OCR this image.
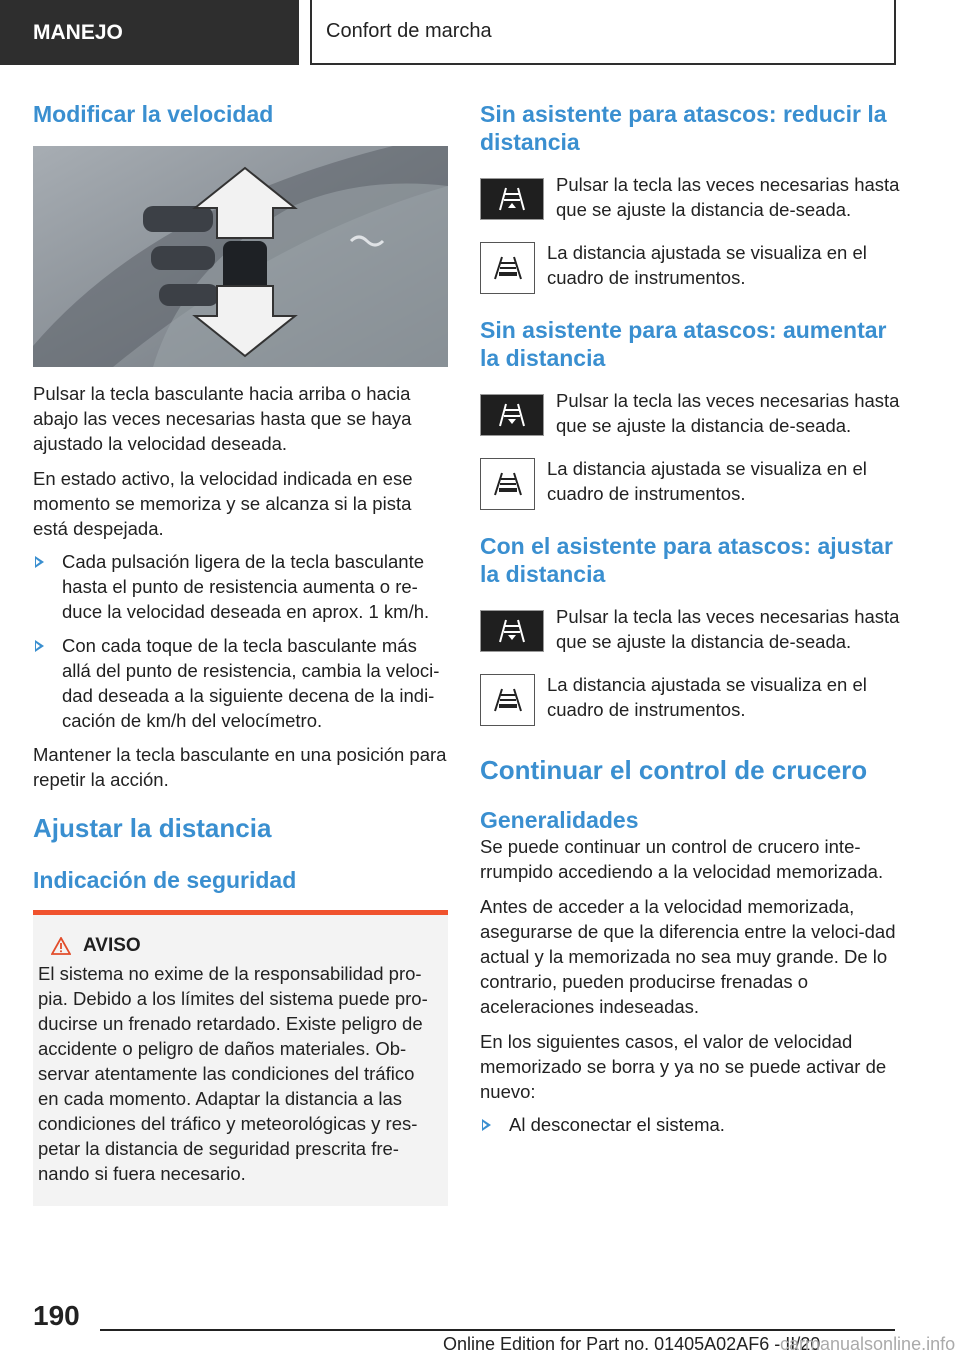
MANEJO	Confort de marcha
Modificar la velocidad

Pulsar la tecla basculante hacia arriba o hacia abajo las veces necesarias hasta que se haya ajustado la velocidad deseada.

En estado activo, la velocidad indicada en ese momento se memoriza y se alcanza si la pista está despejada.

Cada pulsación ligera de la tecla basculante hasta el punto de resistencia aumenta o re-duce la velocidad deseada en aprox. 1 km/h.
Con cada toque de la tecla basculante más allá del punto de resistencia, cambia la veloci-dad deseada a la siguiente decena de la indi-cación de km/h del velocímetro.

Mantener la tecla basculante en una posición para repetir la acción.

Ajustar la distancia
Indicación de seguridad
AVISO

El sistema no exime de la responsabilidad pro-pia. Debido a los límites del sistema puede pro-ducirse un frenado retardado. Existe peligro de accidente o peligro de daños materiales. Ob-servar atentamente las condiciones del tráfico en cada momento. Adaptar la distancia a las condiciones del tráfico y meteorológicas y res-petar la distancia de seguridad prescrita fre-nando si fuera necesario.

Sin asistente para atascos: reducir la distancia

Pulsar la tecla las veces necesarias hasta que se ajuste la distancia de-seada.

La distancia ajustada se visualiza en el cuadro de instrumentos.

Sin asistente para atascos: aumentar la distancia

Pulsar la tecla las veces necesarias hasta que se ajuste la distancia de-seada.

La distancia ajustada se visualiza en el cuadro de instrumentos.

Con el asistente para atascos: ajustar la distancia

Pulsar la tecla las veces necesarias hasta que se ajuste la distancia de-seada.

La distancia ajustada se visualiza en el cuadro de instrumentos.

Continuar el control de crucero
Generalidades

Se puede continuar un control de crucero inte-rrumpido accediendo a la velocidad memorizada.

Antes de acceder a la velocidad memorizada, asegurarse de que la diferencia entre la veloci-dad actual y la memorizada no sea muy grande. De lo contrario, pueden producirse frenadas o aceleraciones indeseadas.

En los siguientes casos, el valor de velocidad memorizado se borra y ya no se puede activar de nuevo:

Al desconectar el sistema.
190
Online Edition for Part no. 01405A02AF6 - II/20
carmanualsonline.info
